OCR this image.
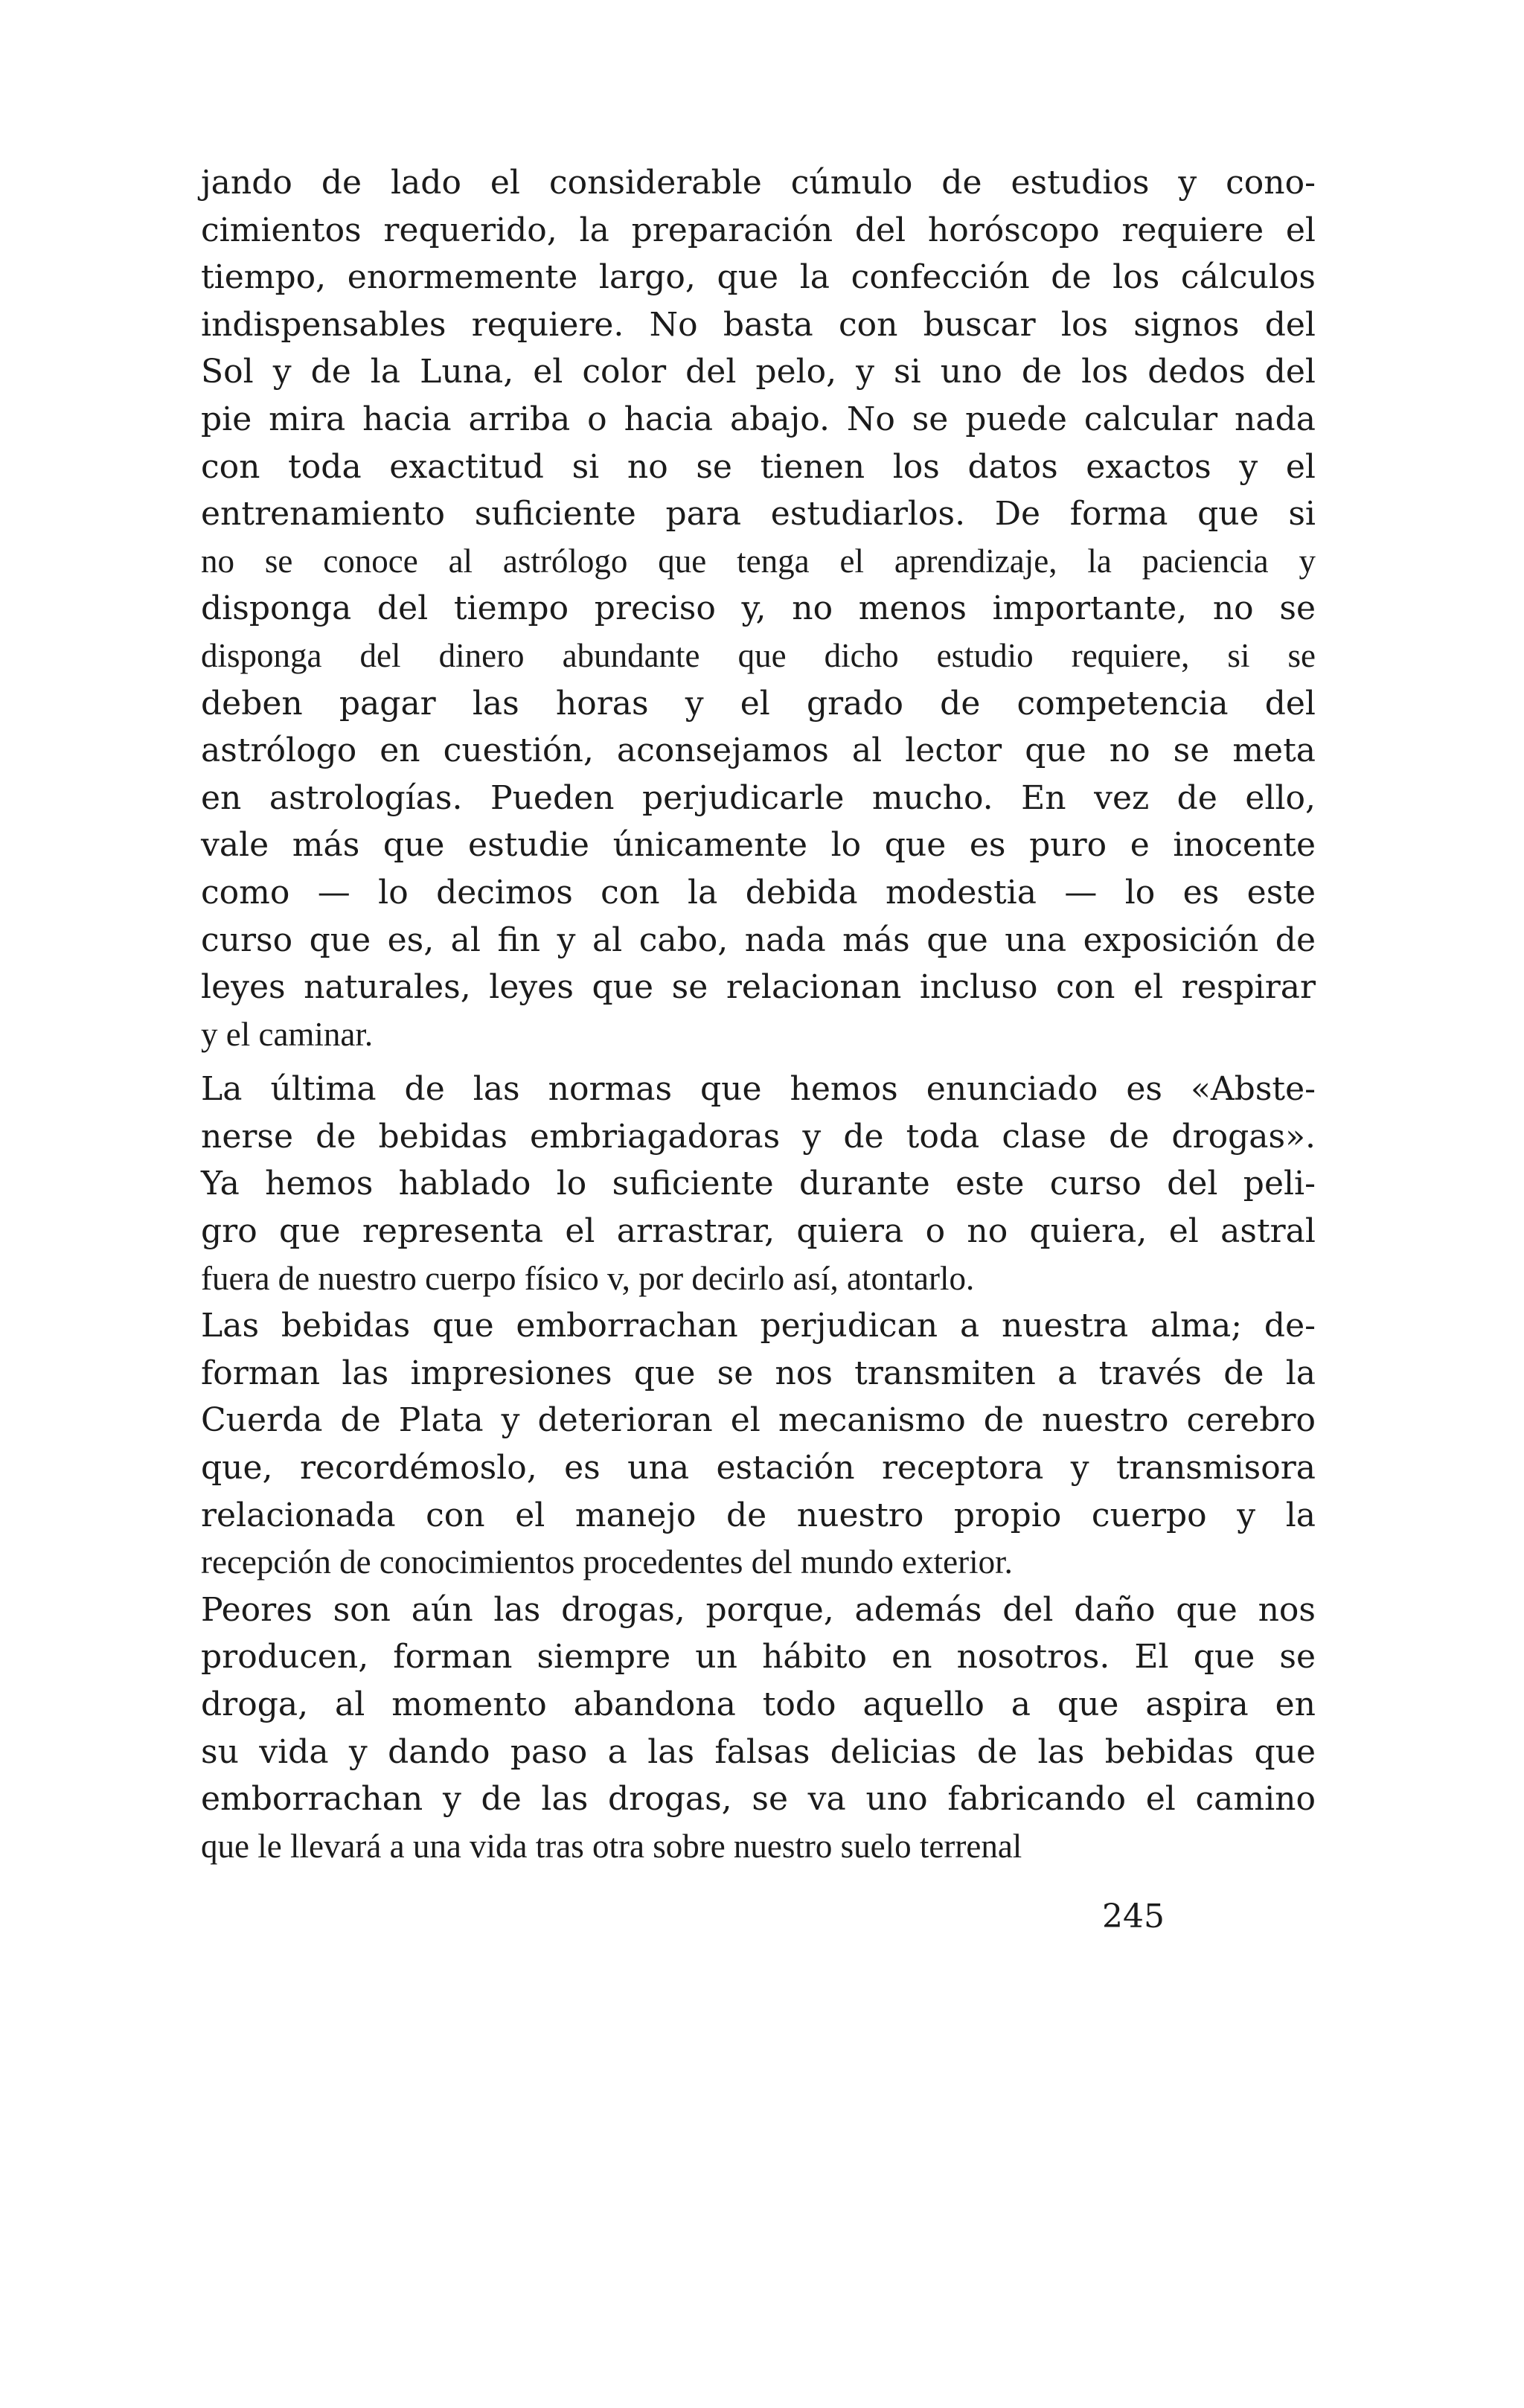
jando de lado el considerable cúmulo de estudios y cono-
cimientos requerido, la preparación del horóscopo requiere el
tiempo, enormemente largo, que la confección de los cálculos
indispensables requiere. No basta con buscar los signos del
Sol y de la Luna, el color del pelo, y si uno de los dedos del
pie mira hacia arriba o hacia abajo. No se puede calcular nada
con toda exactitud si no se tienen los datos exactos y el
entrenamiento suficiente para estudiarlos. De forma que si
no se conoce al astrólogo que tenga el aprendizaje, la paciencia y
disponga del tiempo preciso y, no menos importante, no se
disponga del dinero abundante que dicho estudio requiere, si se
deben pagar las horas y el grado de competencia del
astrólogo en cuestión, aconsejamos al lector que no se meta
en astrologías. Pueden perjudicarle mucho. En vez de ello,
vale más que estudie únicamente lo que es puro e inocente
como — lo decimos con la debida modestia — lo es este
curso que es, al fin y al cabo, nada más que una exposición de
leyes naturales, leyes que se relacionan incluso con el respirar
y el caminar.
La última de las normas que hemos enunciado es «Abste-
nerse de bebidas embriagadoras y de toda clase de drogas».
Ya hemos hablado lo suficiente durante este curso del peli-
gro que representa el arrastrar, quiera o no quiera, el astral
fuera de nuestro cuerpo físico v, por decirlo así, atontarlo.
Las bebidas que emborrachan perjudican a nuestra alma; de-
forman las impresiones que se nos transmiten a través de la
Cuerda de Plata y deterioran el mecanismo de nuestro cerebro
que, recordémoslo, es una estación receptora y transmisora
relacionada con el manejo de nuestro propio cuerpo y la
recepción de conocimientos procedentes del mundo exterior.
Peores son aún las drogas, porque, además del daño que nos
producen, forman siempre un hábito en nosotros. El que se
droga, al momento abandona todo aquello a que aspira en
su vida y dando paso a las falsas delicias de las bebidas que
emborrachan y de las drogas, se va uno fabricando el camino
que le llevará a una vida tras otra sobre nuestro suelo terrenal
245
